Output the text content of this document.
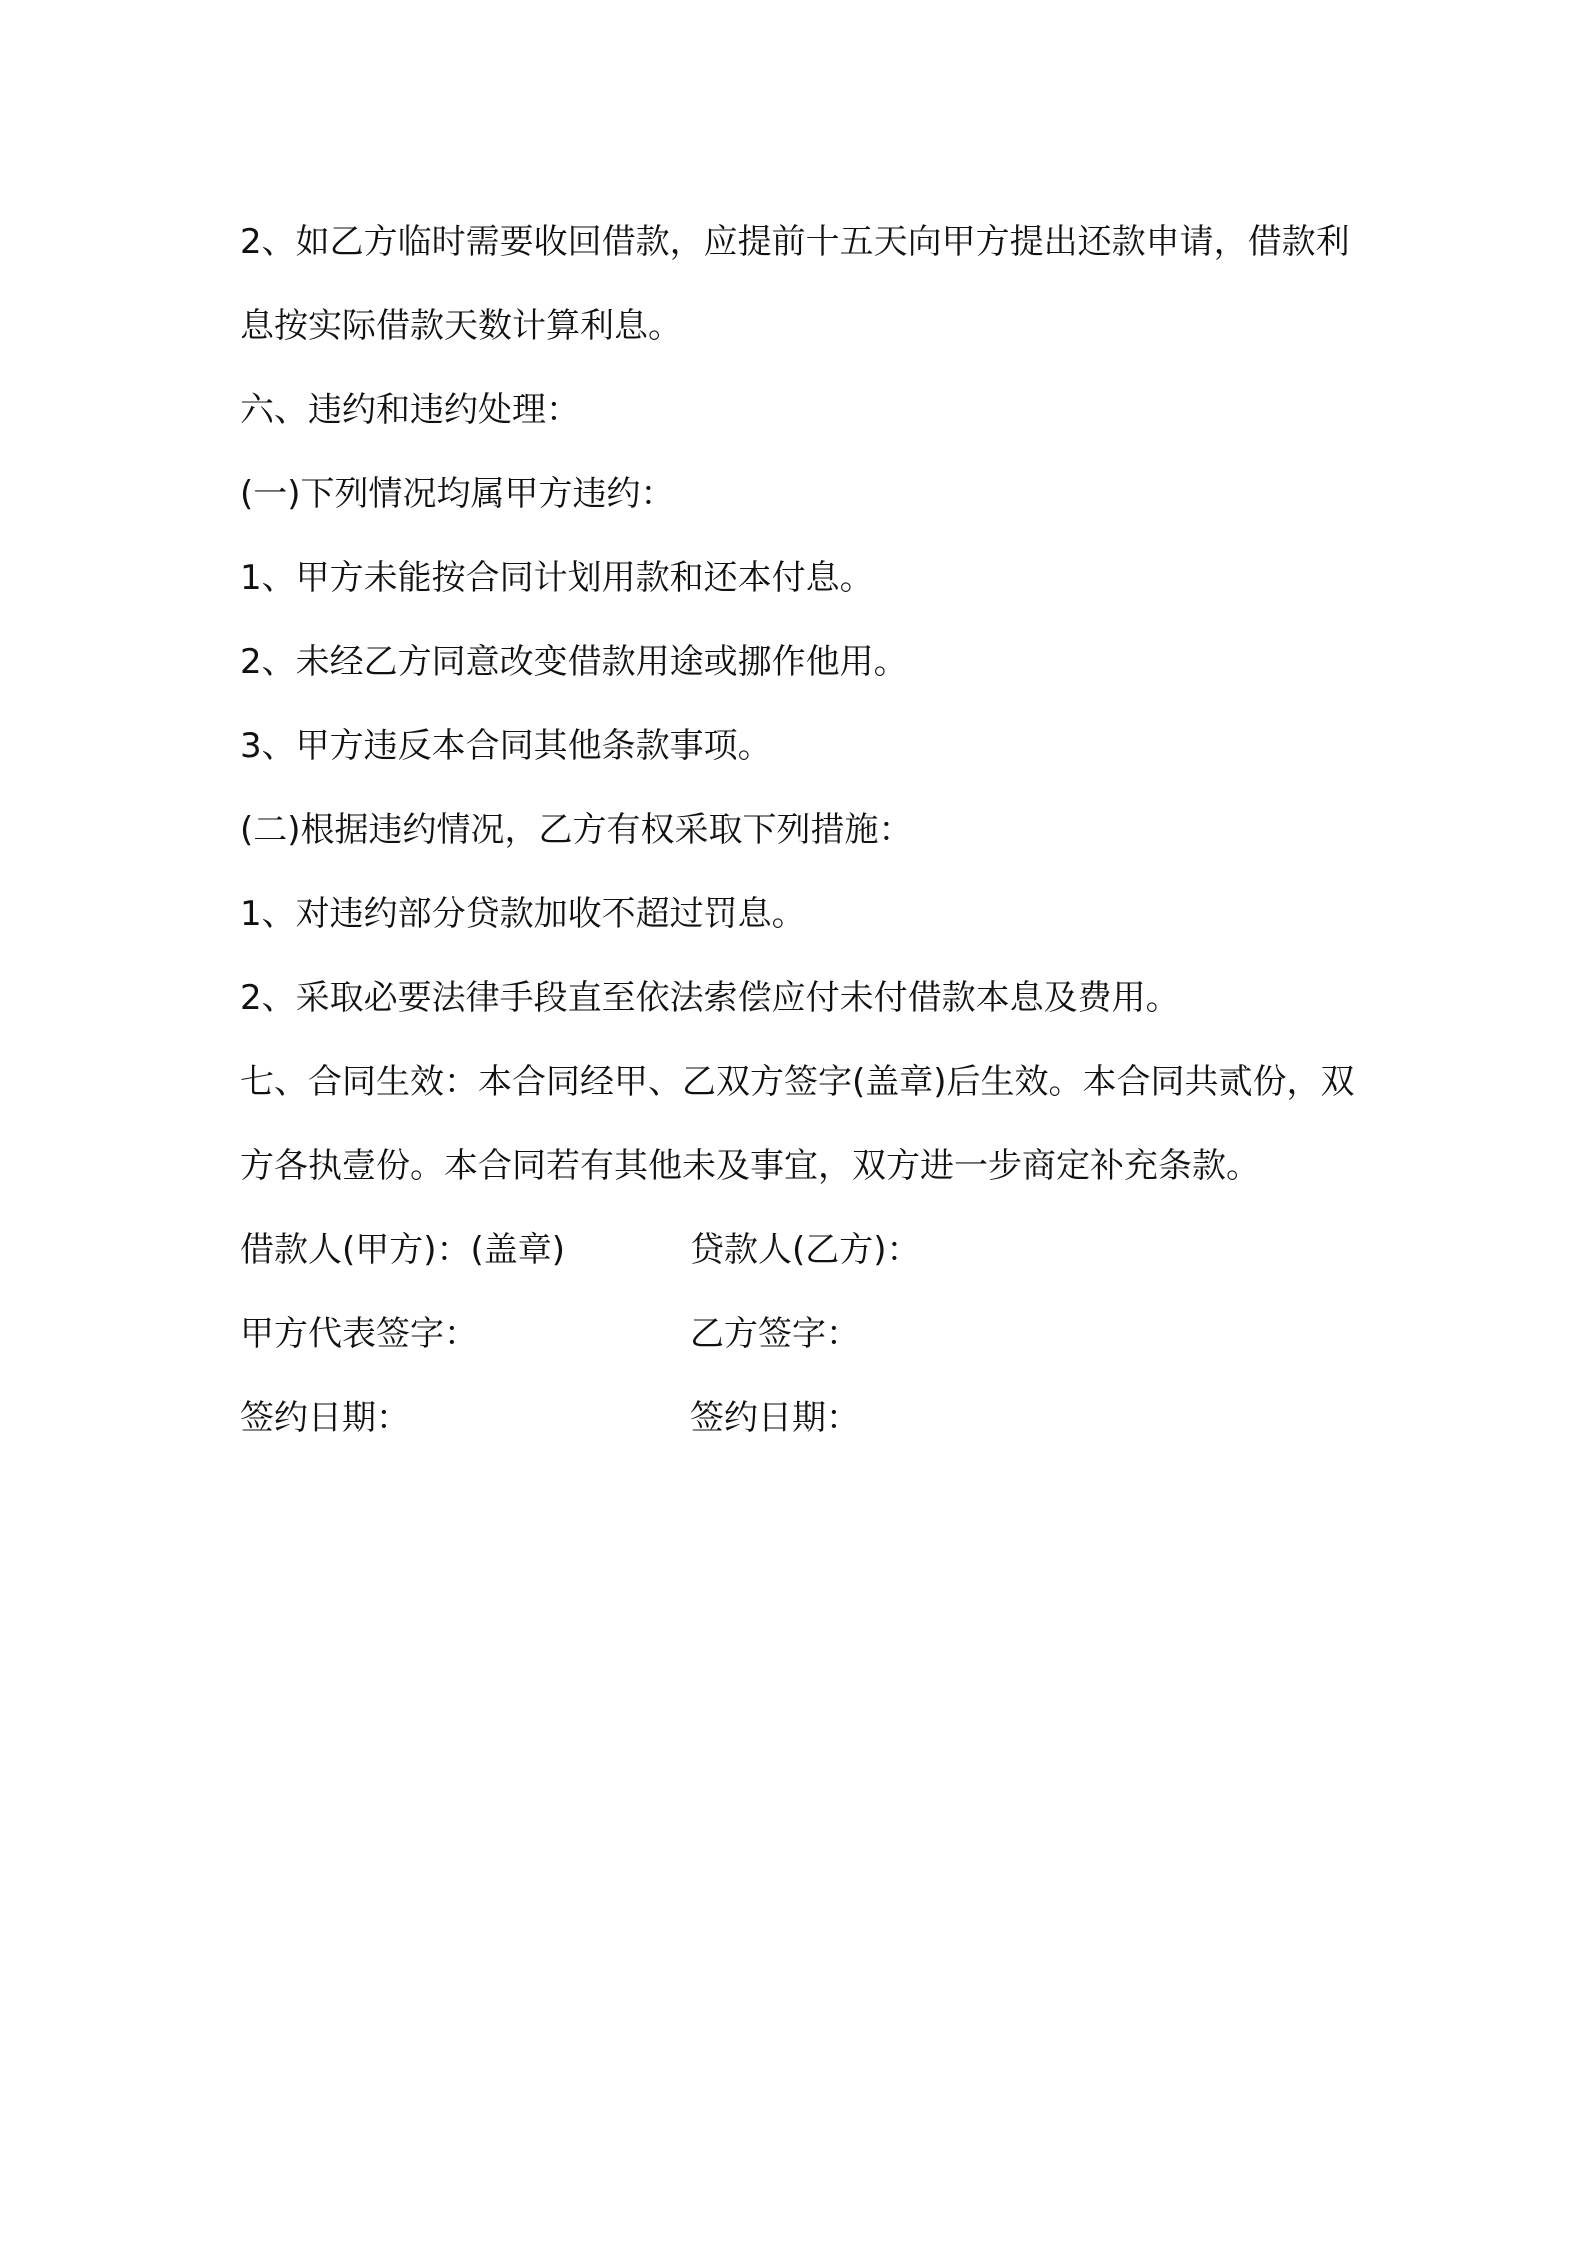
2、如乙方临时需要收回借款，应提前十五天向甲方提出还款申请，借款利息按实际借款天数计算利息。

六、违约和违约处理：

(一)下列情况均属甲方违约：

1、甲方未能按合同计划用款和还本付息。

2、未经乙方同意改变借款用途或挪作他用。

3、甲方违反本合同其他条款事项。

(二)根据违约情况，乙方有权采取下列措施：

1、对违约部分贷款加收不超过罚息。

2、采取必要法律手段直至依法索偿应付未付借款本息及费用。

七、合同生效：本合同经甲、乙双方签字(盖章)后生效。本合同共贰份，双方各执壹份。本合同若有其他未及事宜，双方进一步商定补充条款。

借款人(甲方)：(盖章)	贷款人(乙方)：
甲方代表签字：	乙方签字：
签约日期：	签约日期：
